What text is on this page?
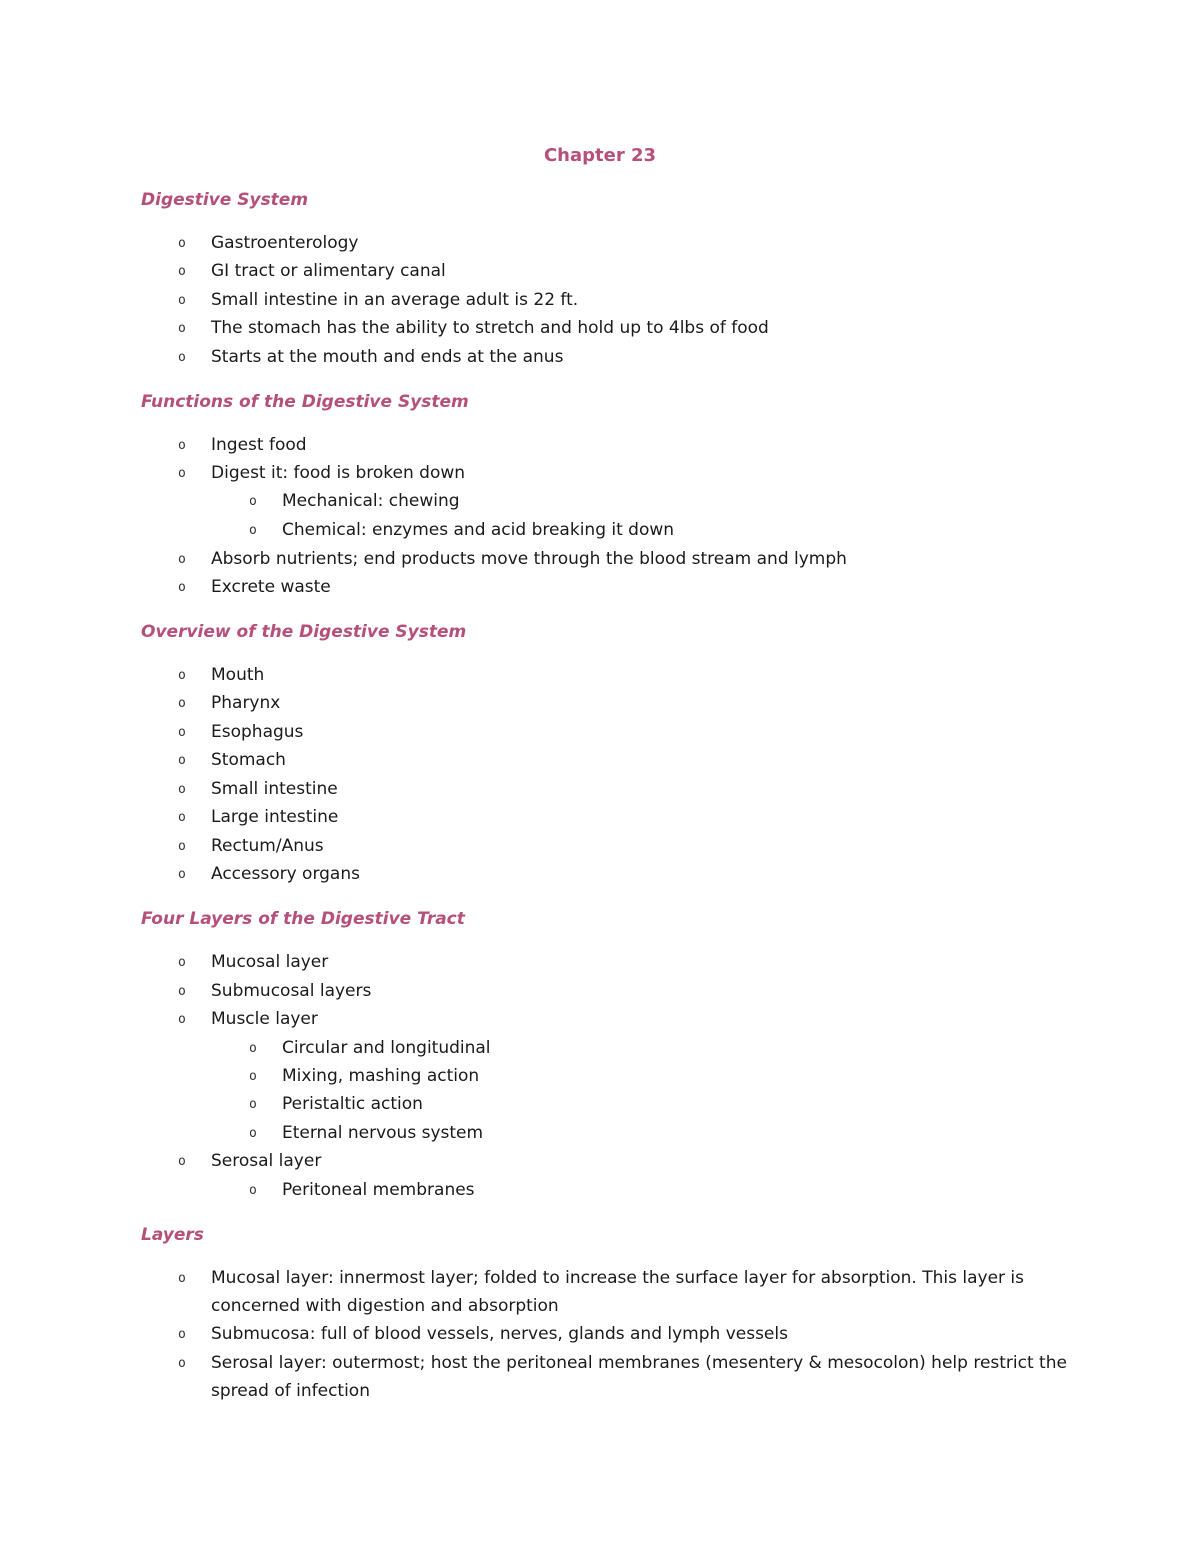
Chapter 23
Digestive System
o Gastroenterology
o GI tract or alimentary canal
o Small intestine in an average adult is 22 ft.
o The stomach has the ability to stretch and hold up to 4lbs of food
o Starts at the mouth and ends at the anus
Functions of the Digestive System
o Ingest food
o Digest it: food is broken down
o Mechanical: chewing
o Chemical: enzymes and acid breaking it down
o Absorb nutrients; end products move through the blood stream and lymph
o Excrete waste
Overview of the Digestive System
o Mouth
o Pharynx
o Esophagus
o Stomach
o Small intestine
o Large intestine
o Rectum/Anus
o Accessory organs
Four Layers of the Digestive Tract
o Mucosal layer
o Submucosal layers
o Muscle layer
o Circular and longitudinal
o Mixing, mashing action
o Peristaltic action
o Eternal nervous system
o Serosal layer
o Peritoneal membranes
Layers
o Mucosal layer: innermost layer; folded to increase the surface layer for absorption. This layer is concerned with digestion and absorption
o Submucosa: full of blood vessels, nerves, glands and lymph vessels
o Serosal layer: outermost; host the peritoneal membranes (mesentery & mesocolon) help restrict the spread of infection
